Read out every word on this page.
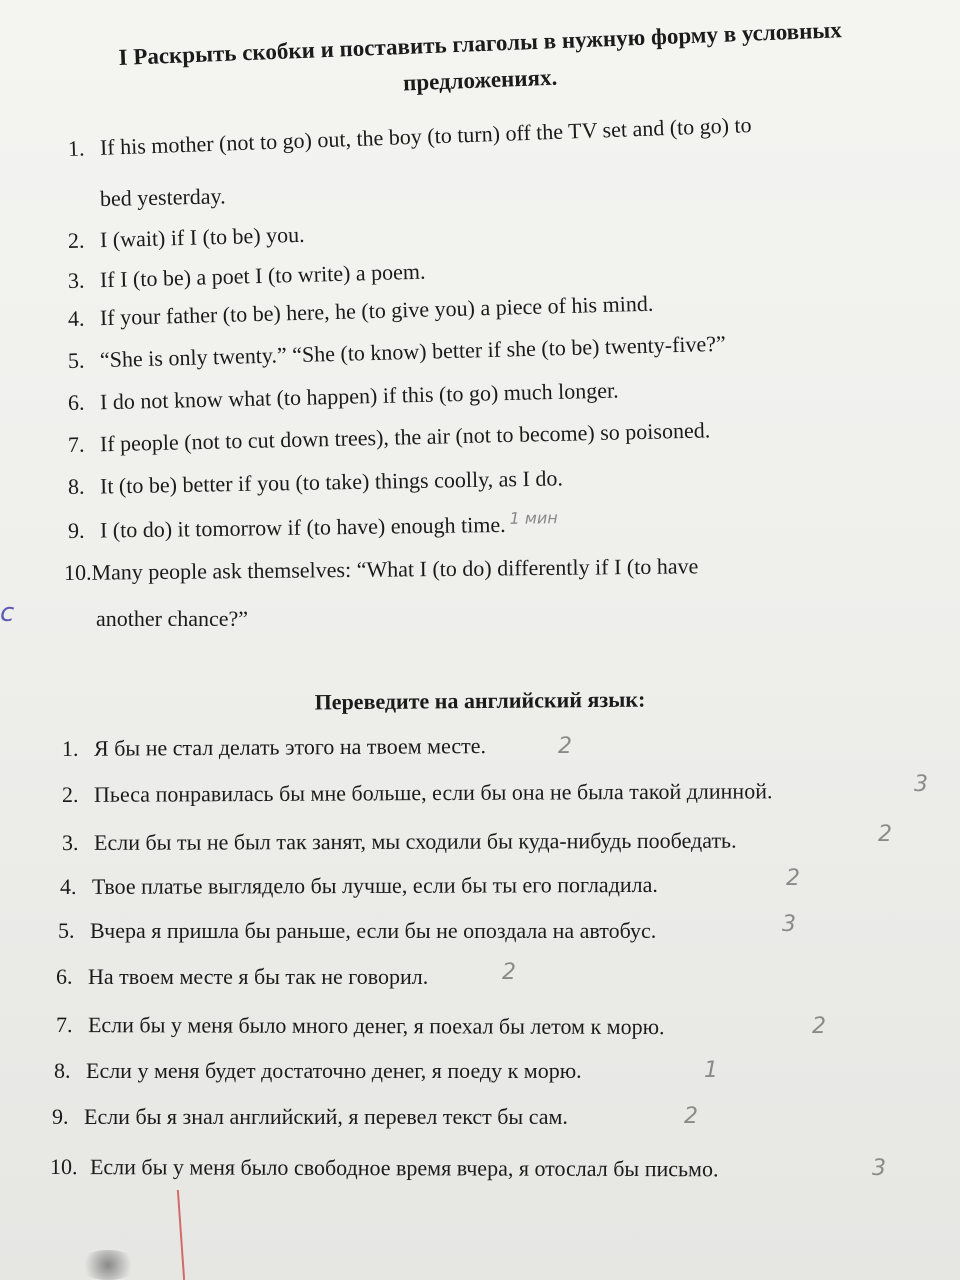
I Раскрыть скобки и поставить глаголы в нужную форму в условных
предложениях.
1. If his mother (not to go) out, the boy (to turn) off the TV set and (to go) to
bed yesterday.
2. I (wait) if I (to be) you.
3. If I (to be) a poet I (to write) a poem.
4. If your father (to be) here, he (to give you) a piece of his mind.
5. “She is only twenty.” “She (to know) better if she (to be) twenty-five?”
6. I do not know what (to happen) if this (to go) much longer.
7. If people (not to cut down trees), the air (not to become) so poisoned.
8. It (to be) better if you (to take) things coolly, as I do.
9. I (to do) it tomorrow if (to have) enough time. $^{1 мин}$
10.Many people ask themselves: “What I (to do) differently if I (to have
another chance?”
c
Переведите на английский язык:
1. Я бы не стал делать этого на твоем месте.	2
2. Пьеса понравилась бы мне больше, если бы она не была такой длинной.	3
3. Если бы ты не был так занят, мы сходили бы куда-нибудь пообедать.	2
4. Твое платье выглядело бы лучше, если бы ты его погладила.	2
5. Вчера я пришла бы раньше, если бы не опоздала на автобус.	3
6. На твоем месте я бы так не говорил.	2
7. Если бы у меня было много денег, я поехал бы летом к морю.	2
8. Если у меня будет достаточно денег, я поеду к морю.	1
9. Если бы я знал английский, я перевел текст бы сам.	2
10. Если бы у меня было свободное время вчера, я отослал бы письмо.	3
